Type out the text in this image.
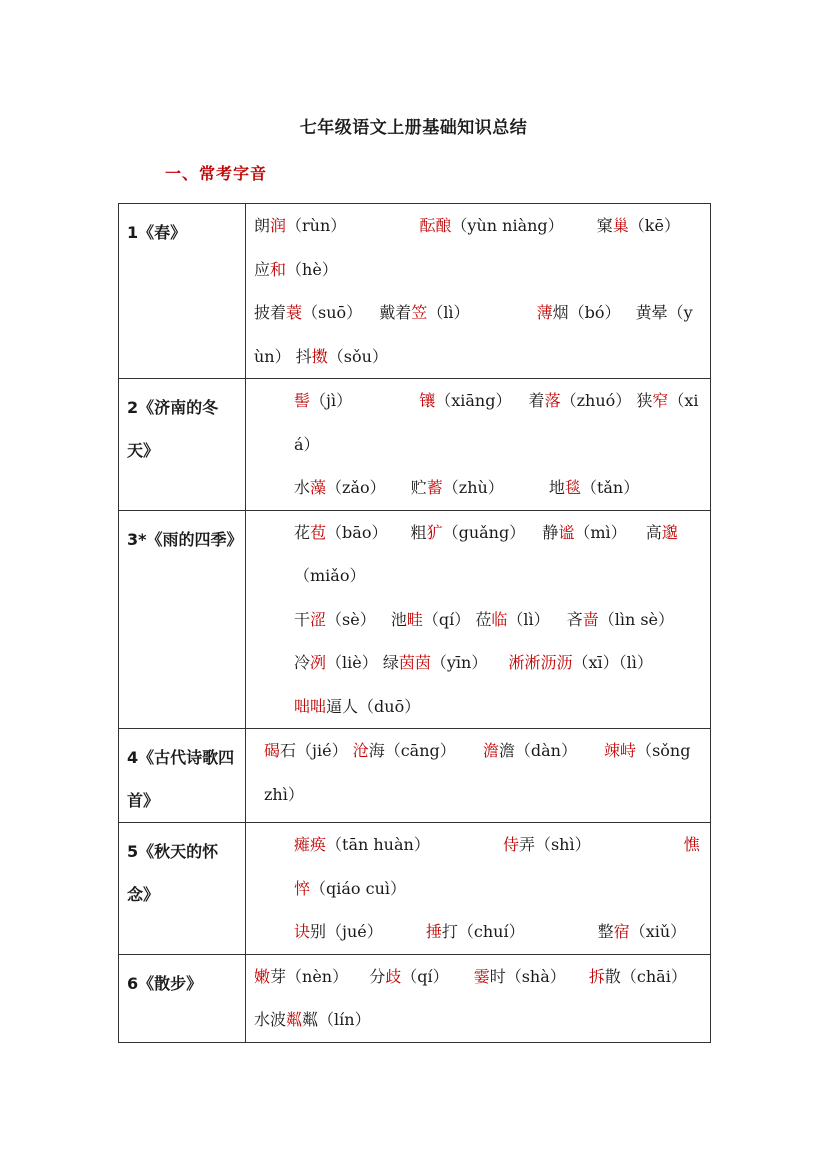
七年级语文上册基础知识总结
一、常考字音
1《春》	朗润（rùn） 酝酿（yùn niàng） 窠巢（kē）
应和（hè）
披着蓑（suō） 戴着笠（lì） 薄烟（bó） 黄晕（yùn） 抖擞（sǒu）

2《济南的冬天》	髻（jì） 镶（xiāng） 着落（zhuó） 狭窄（xiá）
水藻（zǎo） 贮蓄（zhù） 地毯（tǎn）

3*《雨的四季》	花苞（bāo） 粗犷（guǎng） 静谧（mì） 高邈（miǎo）
干涩（sè） 池畦（qí） 莅临（lì） 吝啬（lìn sè）
冷冽（liè） 绿茵茵（yīn） 淅淅沥沥（xī）（lì）
咄咄逼人（duō）

4《古代诗歌四首》	碣石（jié） 沧海（cāng） 澹澹（dàn） 竦峙（sǒng zhì）

5《秋天的怀念》	瘫痪（tān huàn） 侍弄（shì） 憔悴（qiáo cuì）
诀别（jué） 捶打（chuí） 整宿（xiǔ）

6《散步》	嫩芽（nèn） 分歧（qí） 霎时（shà） 拆散（chāi）
水波粼粼（lín）
